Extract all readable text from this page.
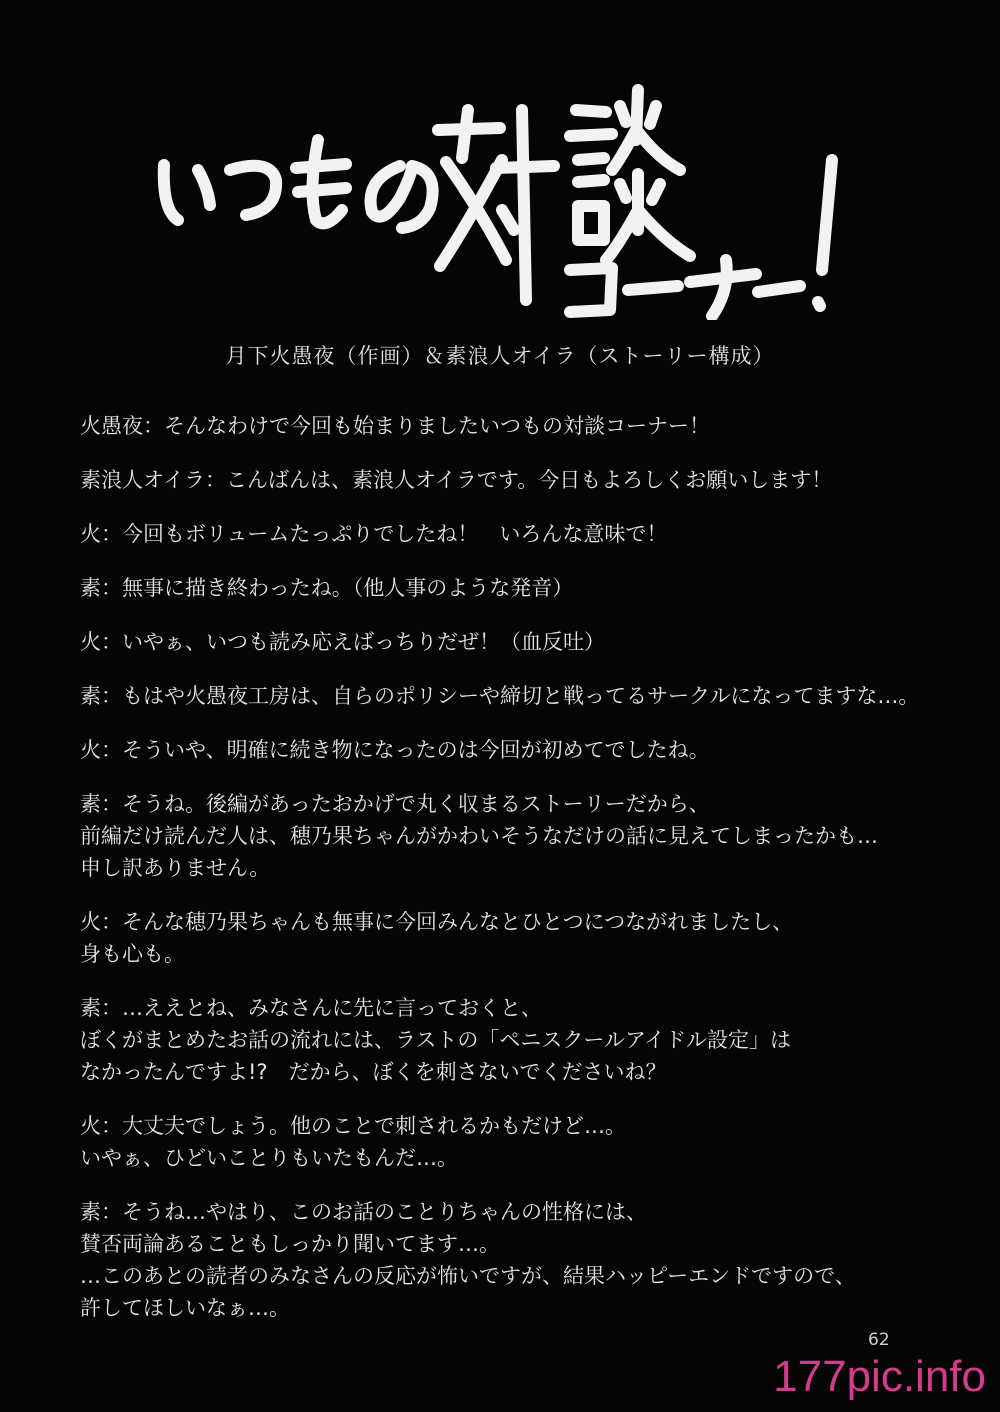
月下火愚夜（作画）＆素浪人オイラ（ストーリー構成）

火愚夜：そんなわけで今回も始まりましたいつもの対談コーナー！

素浪人オイラ：こんばんは、素浪人オイラです。今日もよろしくお願いします！

火：今回もボリュームたっぷりでしたね！　いろんな意味で！

素：無事に描き終わったね。（他人事のような発音）

火：いやぁ、いつも読み応えばっちりだぜ！（血反吐）

素：もはや火愚夜工房は、自らのポリシーや締切と戦ってるサークルになってますな…。

火：そういや、明確に続き物になったのは今回が初めてでしたね。

素：そうね。後編があったおかげで丸く収まるストーリーだから、
前編だけ読んだ人は、穂乃果ちゃんがかわいそうなだけの話に見えてしまったかも…
申し訳ありません。

火：そんな穂乃果ちゃんも無事に今回みんなとひとつにつながれましたし、
身も心も。

素：…ええとね、みなさんに先に言っておくと、
ぼくがまとめたお話の流れには、ラストの「ペニスクールアイドル設定」は
なかったんですよ!?　だから、ぼくを刺さないでくださいね？

火：大丈夫でしょう。他のことで刺されるかもだけど…。
いやぁ、ひどいことりもいたもんだ…。

素：そうね…やはり、このお話のことりちゃんの性格には、
賛否両論あることもしっかり聞いてます…。
…このあとの読者のみなさんの反応が怖いですが、結果ハッピーエンドですので、
許してほしいなぁ…。

62
177pic.info
